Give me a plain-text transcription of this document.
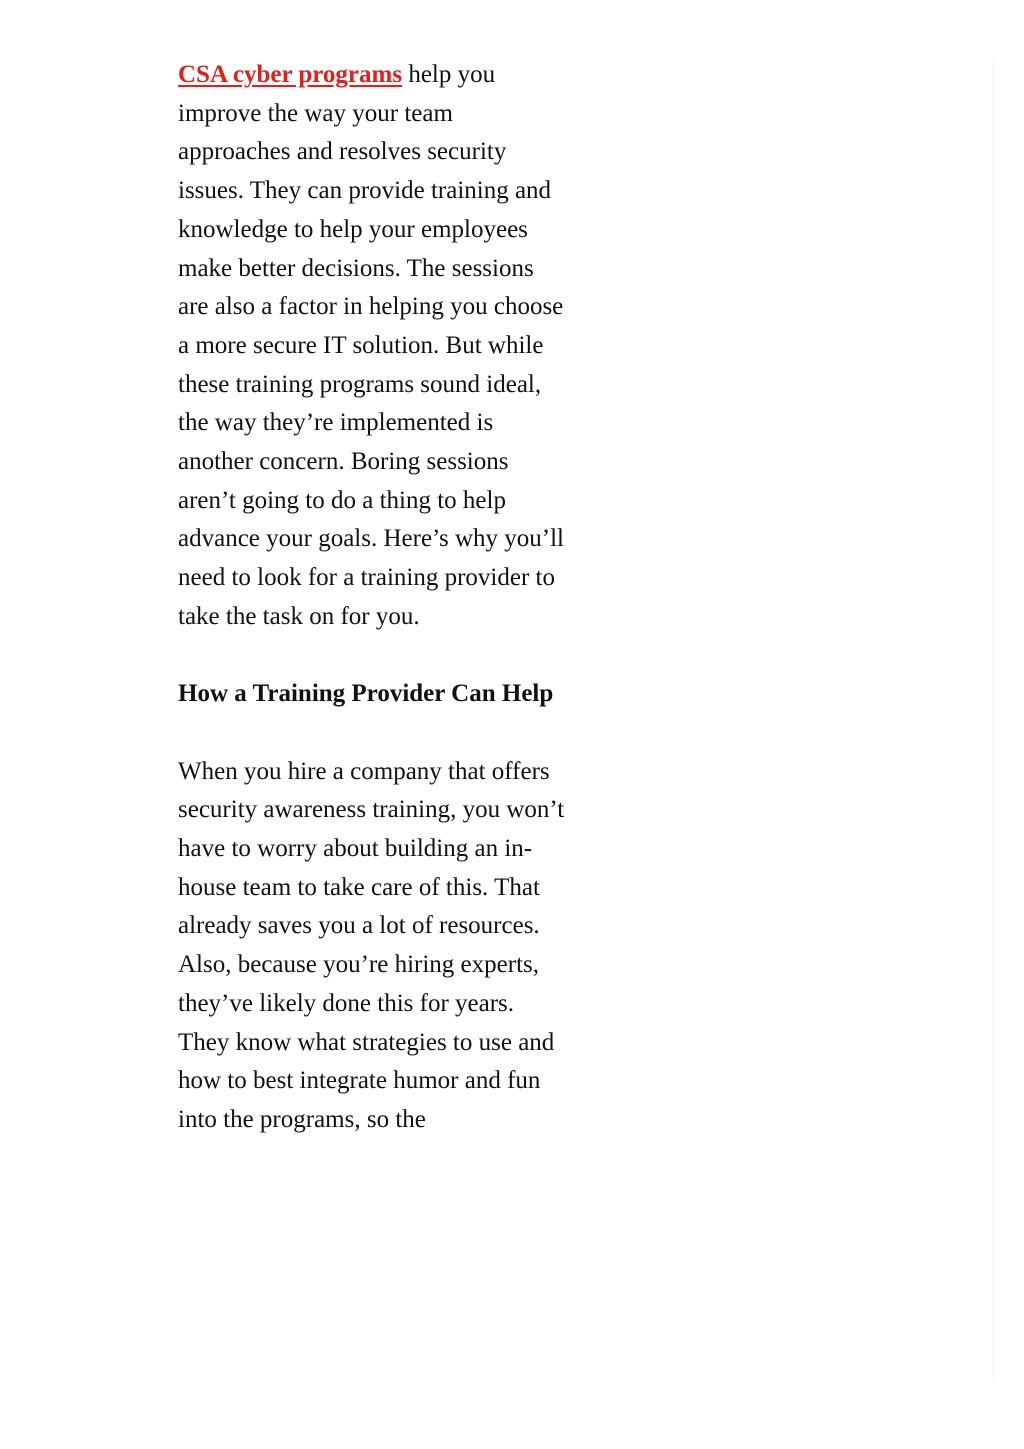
CSA cyber programs help you improve the way your team approaches and resolves security issues. They can provide training and knowledge to help your employees make better decisions. The sessions are also a factor in helping you choose a more secure IT solution. But while these training programs sound ideal, the way they’re implemented is another concern. Boring sessions aren’t going to do a thing to help advance your goals. Here’s why you’ll need to look for a training provider to take the task on for you.

How a Training Provider Can Help

When you hire a company that offers security awareness training, you won’t have to worry about building an in-house team to take care of this. That already saves you a lot of resources. Also, because you’re hiring experts, they’ve likely done this for years. They know what strategies to use and how to best integrate humor and fun into the programs, so the
